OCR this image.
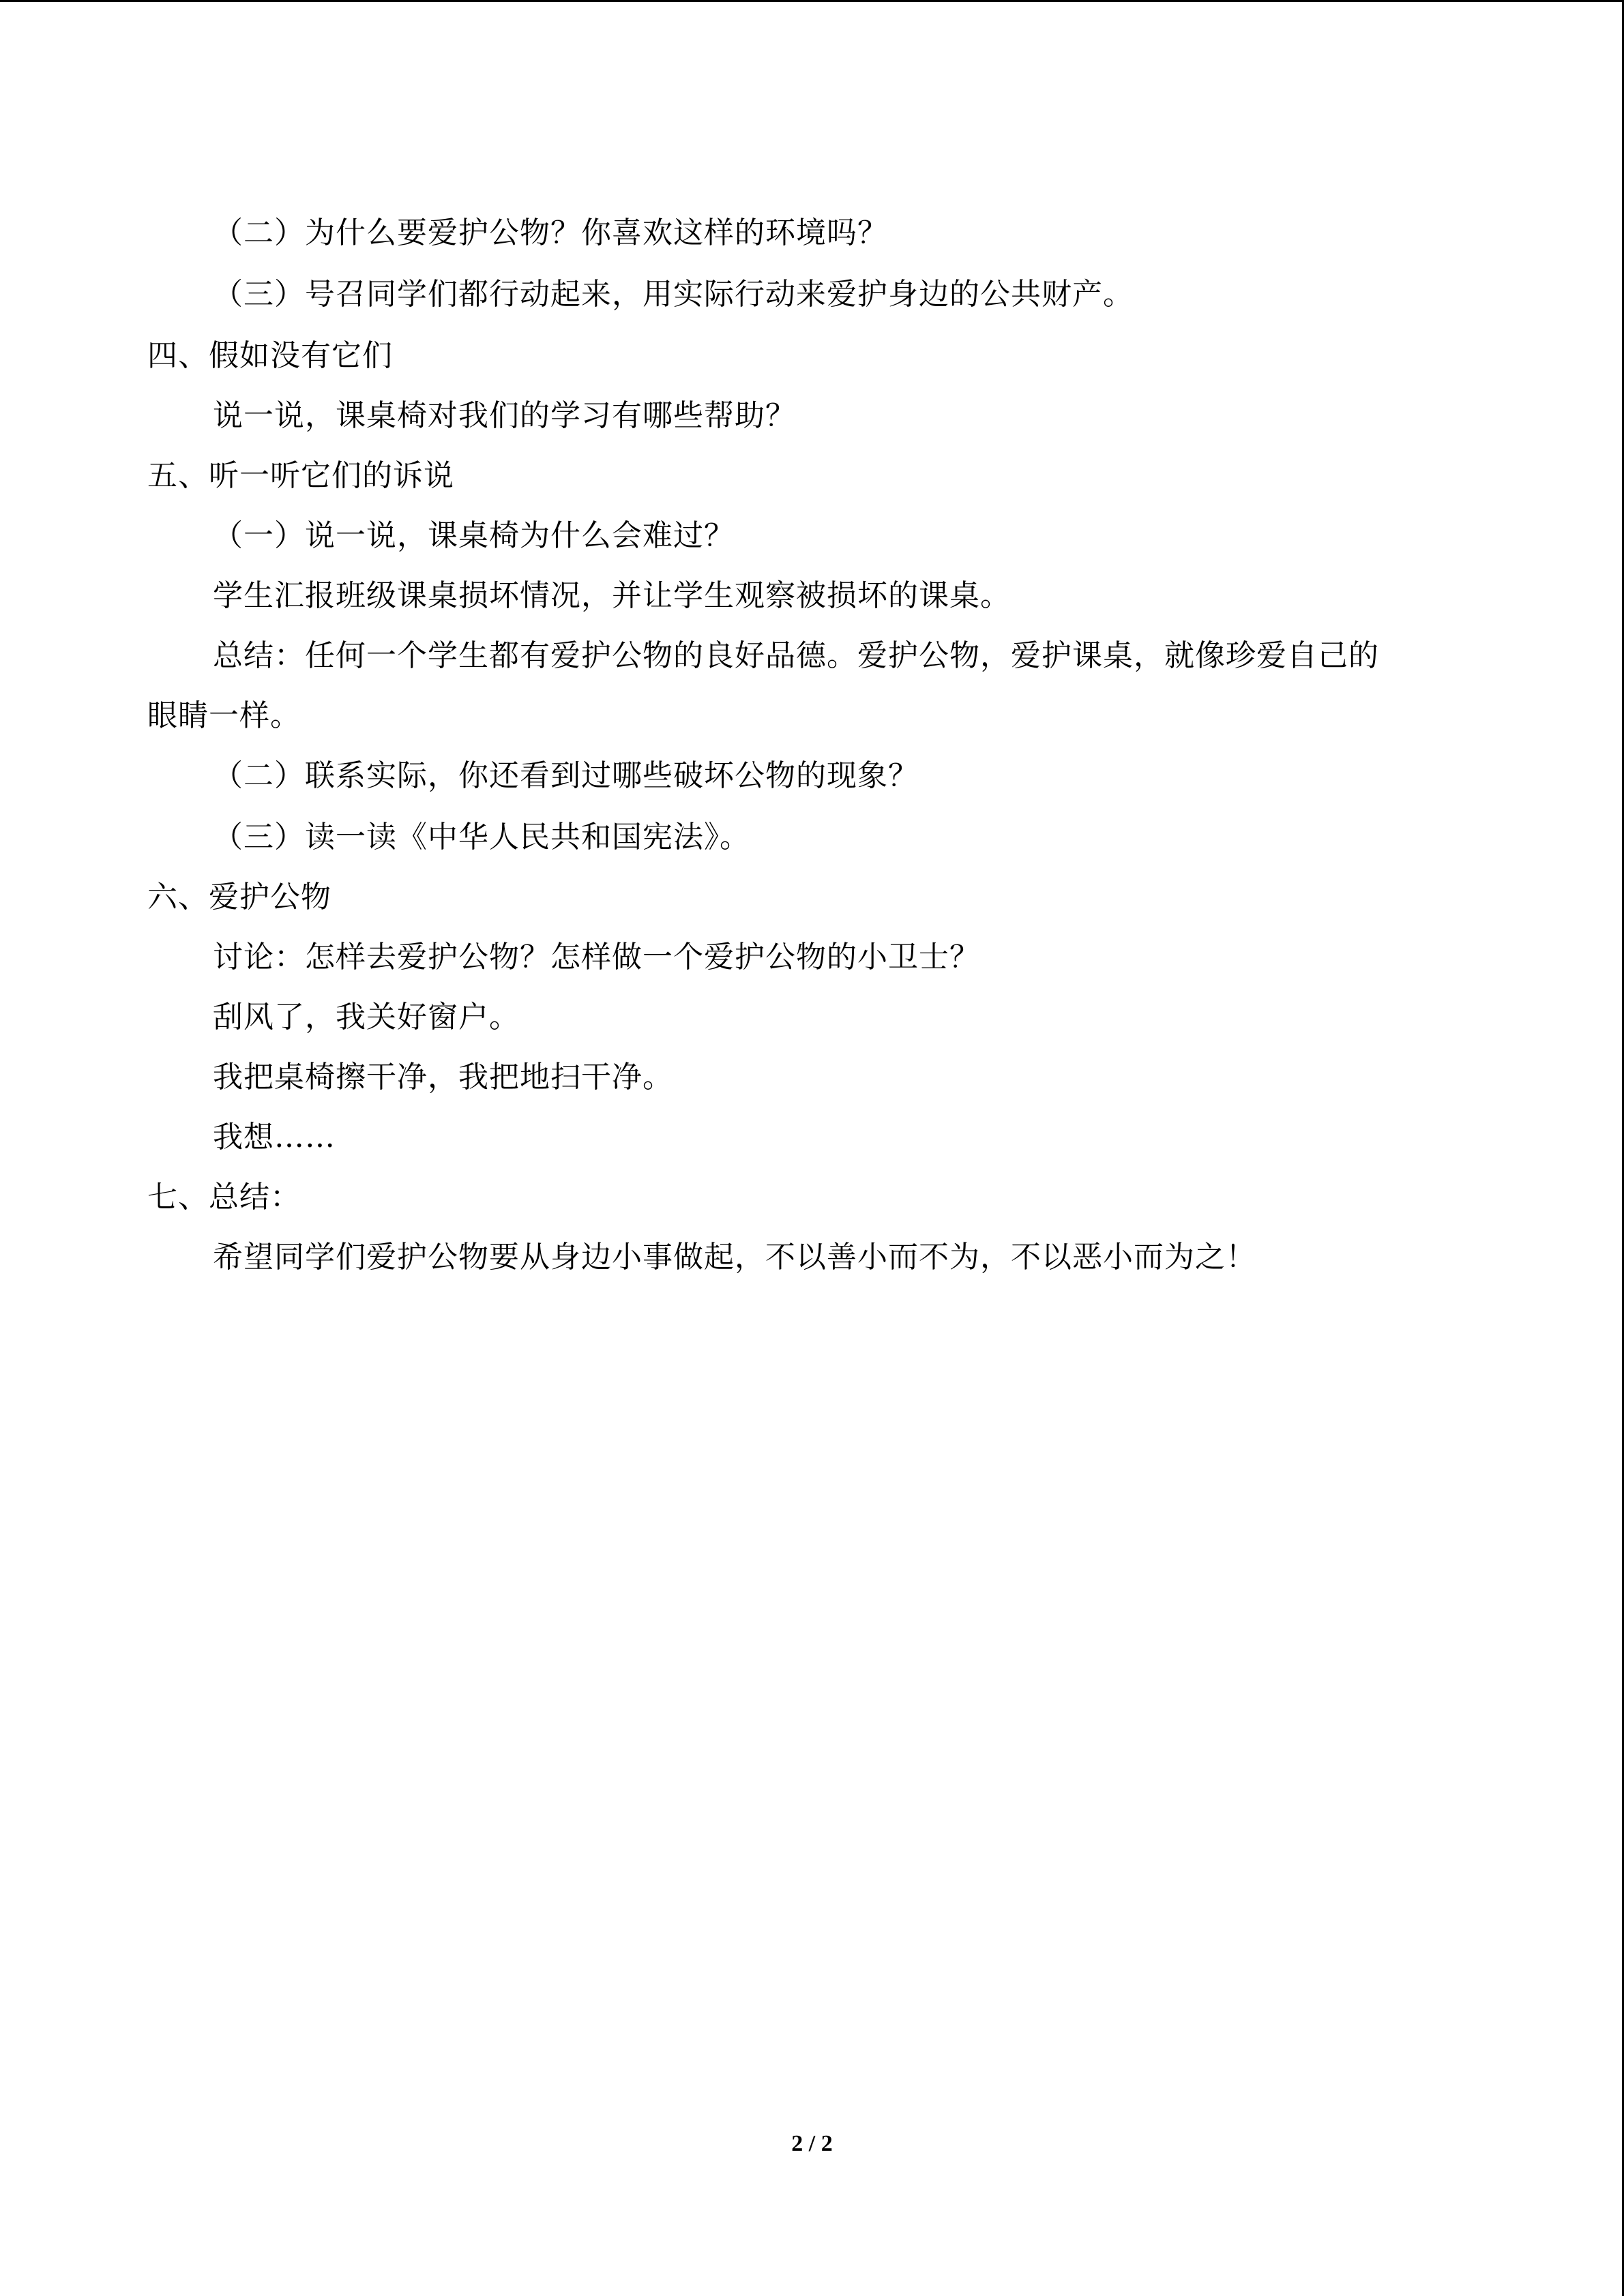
（二）为什么要爱护公物？你喜欢这样的环境吗？
（三）号召同学们都行动起来，用实际行动来爱护身边的公共财产。
四、假如没有它们
说一说，课桌椅对我们的学习有哪些帮助？
五、听一听它们的诉说
（一）说一说，课桌椅为什么会难过？
学生汇报班级课桌损坏情况，并让学生观察被损坏的课桌。
总结：任何一个学生都有爱护公物的良好品德。爱护公物，爱护课桌，就像珍爱自己的
眼睛一样。
（二）联系实际，你还看到过哪些破坏公物的现象？
（三）读一读《中华人民共和国宪法》。
六、爱护公物
讨论：怎样去爱护公物？怎样做一个爱护公物的小卫士？
刮风了，我关好窗户。
我把桌椅擦干净，我把地扫干净。
我想……
七、总结：
希望同学们爱护公物要从身边小事做起，不以善小而不为，不以恶小而为之！
2 / 2
